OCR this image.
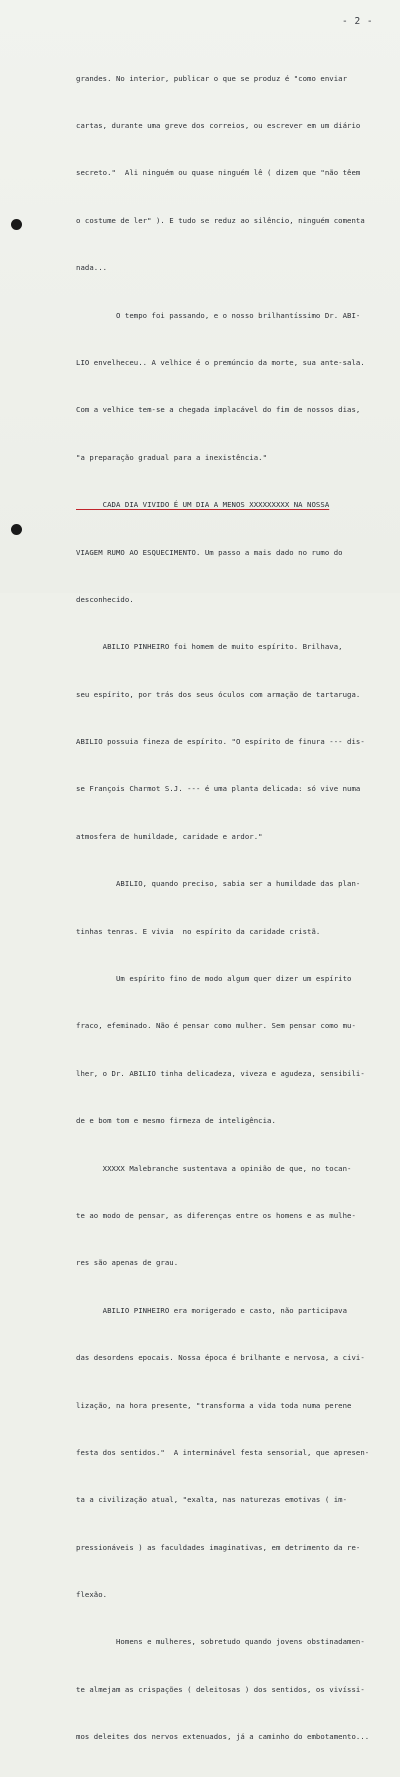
- 2 -

grandes. No interior, publicar o que se produz é "como enviar

cartas, durante uma greve dos correios, ou escrever em um diário

secreto."  Ali ninguém ou quase ninguém lê ( dizem que "não têem

o costume de ler" ). E tudo se reduz ao silêncio, ninguém comenta

nada...

O tempo foi passando, e o nosso brilhantíssimo Dr. ABI-

LIO envelheceu.. A velhice é o premúncio da morte, sua ante-sala.

Com a velhice tem-se a chegada implacável do fim de nossos dias,

"a preparação gradual para a inexistência."

CADA DIA VIVIDO É UM DIA A MENOS XXXXXXXXX NA NOSSA

VIAGEM RUMO AO ESQUECIMENTO. Um passo a mais dado no rumo do

desconhecido.

ABILIO PINHEIRO foi homem de muito espírito. Brilhava,

seu espírito, por trás dos seus óculos com armação de tartaruga.

ABILIO possuia fineza de espírito. "O espírito de finura --- dis-

se François Charmot S.J. --- é uma planta delicada: só vive numa

atmosfera de humildade, caridade e ardor."

ABILIO, quando preciso, sabia ser a humildade das plan-

tinhas tenras. E vivia  no espírito da caridade cristã.

Um espírito fino de modo algum quer dizer um espírito

fraco, efeminado. Não é pensar como mulher. Sem pensar como mu-

lher, o Dr. ABILIO tinha delicadeza, viveza e agudeza, sensibili-

de e bom tom e mesmo firmeza de inteligência.

XXXXX Malebranche sustentava a opinião de que, no tocan-

te ao modo de pensar, as diferenças entre os homens e as mulhe-

res são apenas de grau.

ABILIO PINHEIRO era morigerado e casto, não participava

das desordens epocais. Nossa época é brilhante e nervosa, a civi-

lização, na hora presente, "transforma a vida toda numa perene

festa dos sentidos."  A interminável festa sensorial, que apresen-

ta a civilização atual, "exalta, nas naturezas emotivas ( im-

pressionáveis ) as faculdades imaginativas, em detrimento da re-

flexão.

Homens e mulheres, sobretudo quando jovens obstinadamen-

te almejam as crispações ( deleitosas ) dos sentidos, os vivíssi-

mos deleites dos nervos extenuados, já a caminho do embotamento...
